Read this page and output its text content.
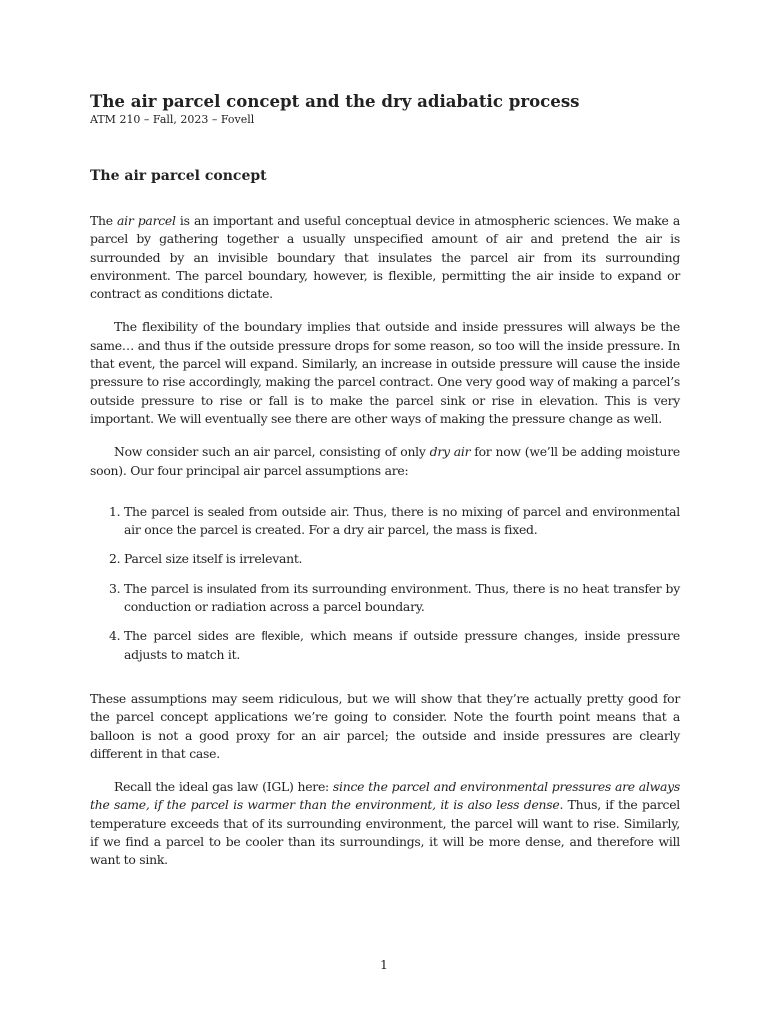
The air parcel concept and the dry adiabatic process
ATM 210 – Fall, 2023 – Fovell
The air parcel concept

The air parcel is an important and useful conceptual device in atmospheric sciences. We make a parcel by gathering together a usually unspecified amount of air and pretend the air is surrounded by an invisible boundary that insulates the parcel air from its surrounding environment. The parcel boundary, however, is flexible, permitting the air inside to expand or contract as conditions dictate.

The flexibility of the boundary implies that outside and inside pressures will always be the same… and thus if the outside pressure drops for some reason, so too will the inside pressure. In that event, the parcel will expand. Similarly, an increase in outside pressure will cause the inside pressure to rise accordingly, making the parcel contract. One very good way of making a parcel’s outside pressure to rise or fall is to make the parcel sink or rise in elevation. This is very important. We will eventually see there are other ways of making the pressure change as well.

Now consider such an air parcel, consisting of only dry air for now (we’ll be adding moisture soon). Our four principal air parcel assumptions are:

1. The parcel is sealed from outside air. Thus, there is no mixing of parcel and environmental air once the parcel is created. For a dry air parcel, the mass is fixed.
2. Parcel size itself is irrelevant.
3. The parcel is insulated from its surrounding environment. Thus, there is no heat transfer by conduction or radiation across a parcel boundary.
4. The parcel sides are flexible, which means if outside pressure changes, inside pressure adjusts to match it.

These assumptions may seem ridiculous, but we will show that they’re actually pretty good for the parcel concept applications we’re going to consider. Note the fourth point means that a balloon is not a good proxy for an air parcel; the outside and inside pressures are clearly different in that case.

Recall the ideal gas law (IGL) here: since the parcel and environmental pressures are always the same, if the parcel is warmer than the environment, it is also less dense. Thus, if the parcel temperature exceeds that of its surrounding environment, the parcel will want to rise. Similarly, if we find a parcel to be cooler than its surroundings, it will be more dense, and therefore will want to sink.

1
